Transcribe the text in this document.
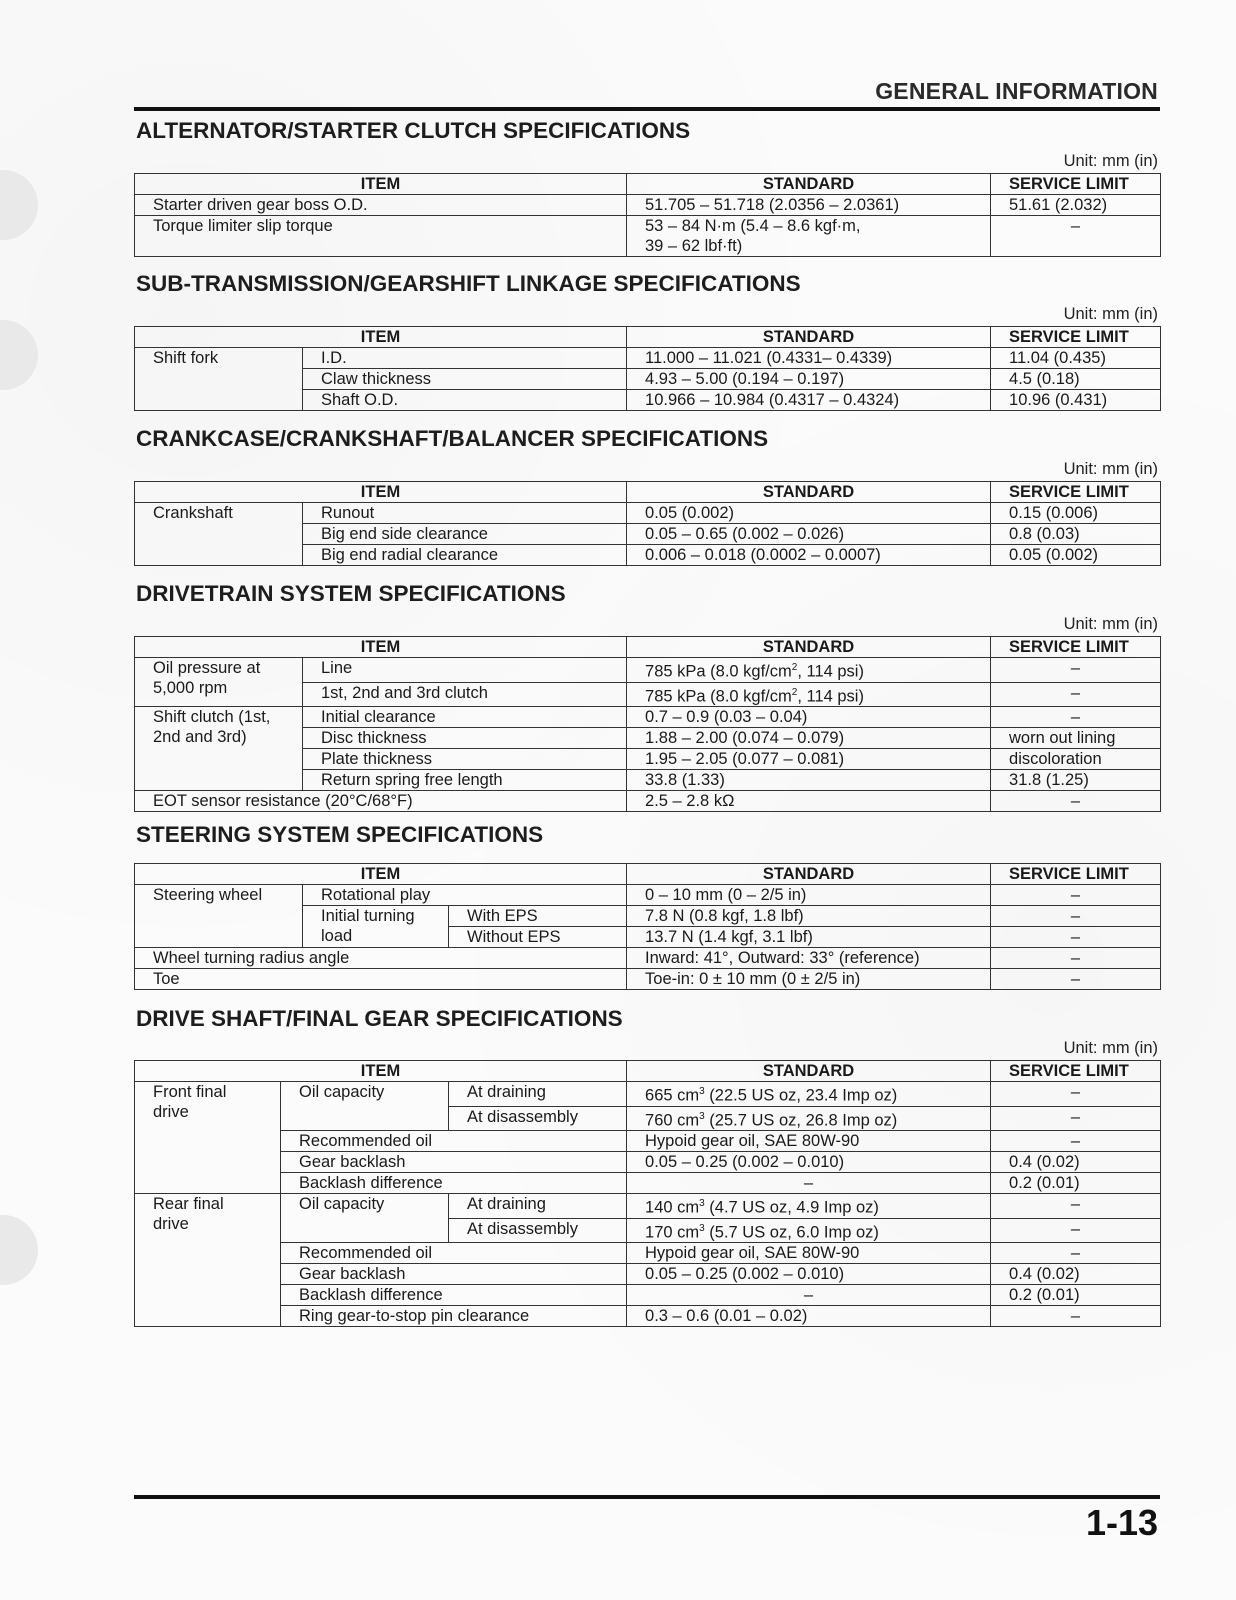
GENERAL INFORMATION
ALTERNATOR/STARTER CLUTCH SPECIFICATIONS
Unit: mm (in)
ITEM	STANDARD	SERVICE LIMIT
Starter driven gear boss O.D.	51.705 – 51.718 (2.0356 – 2.0361)	51.61 (2.032)
Torque limiter slip torque	53 – 84 N·m (5.4 – 8.6 kgf·m,
39 – 62 lbf·ft)	–
SUB-TRANSMISSION/GEARSHIFT LINKAGE SPECIFICATIONS
Unit: mm (in)
ITEM		STANDARD	SERVICE LIMIT
Shift fork	I.D.	11.000 – 11.021 (0.4331– 0.4339)	11.04 (0.435)
	Claw thickness	4.93 – 5.00 (0.194 – 0.197)	4.5 (0.18)
	Shaft O.D.	10.966 – 10.984 (0.4317 – 0.4324)	10.96 (0.431)
CRANKCASE/CRANKSHAFT/BALANCER SPECIFICATIONS
Unit: mm (in)
ITEM		STANDARD	SERVICE LIMIT
Crankshaft	Runout	0.05 (0.002)	0.15 (0.006)
	Big end side clearance	0.05 – 0.65 (0.002 – 0.026)	0.8 (0.03)
	Big end radial clearance	0.006 – 0.018 (0.0002 – 0.0007)	0.05 (0.002)
DRIVETRAIN SYSTEM SPECIFICATIONS
Unit: mm (in)
ITEM		STANDARD	SERVICE LIMIT
Oil pressure at
5,000 rpm	Line	785 kPa (8.0 kgf/$cm^2$, 114 psi)	–
	1st, 2nd and 3rd clutch	785 kPa (8.0 kgf/$cm^2$, 114 psi)	–
Shift clutch (1st,
2nd and 3rd)	Initial clearance	0.7 – 0.9 (0.03 – 0.04)	–
	Disc thickness	1.88 – 2.00 (0.074 – 0.079)	worn out lining
	Plate thickness	1.95 – 2.05 (0.077 – 0.081)	discoloration
	Return spring free length	33.8 (1.33)	31.8 (1.25)
EOT sensor resistance (20°C/68°F)		2.5 – 2.8 kΩ	–
STEERING SYSTEM SPECIFICATIONS
ITEM			STANDARD	SERVICE LIMIT
Steering wheel	Rotational play		0 – 10 mm (0 – 2/5 in)	–
	Initial turning
load	With EPS	7.8 N (0.8 kgf, 1.8 lbf)	–
		Without EPS	13.7 N (1.4 kgf, 3.1 lbf)	–
Wheel turning radius angle			Inward: 41°, Outward: 33° (reference)	–
Toe			Toe-in: 0 ± 10 mm (0 ± 2/5 in)	–
DRIVE SHAFT/FINAL GEAR SPECIFICATIONS
Unit: mm (in)
ITEM			STANDARD	SERVICE LIMIT
Front final
drive	Oil capacity	At draining	665 $cm^3$ (22.5 US oz, 23.4 Imp oz)	–
		At disassembly	760 $cm^3$ (25.7 US oz, 26.8 Imp oz)	–
	Recommended oil		Hypoid gear oil, SAE 80W-90	–
	Gear backlash		0.05 – 0.25 (0.002 – 0.010)	0.4 (0.02)
	Backlash difference		–	0.2 (0.01)
Rear final
drive	Oil capacity	At draining	140 $cm^3$ (4.7 US oz, 4.9 Imp oz)	–
		At disassembly	170 $cm^3$ (5.7 US oz, 6.0 Imp oz)	–
	Recommended oil		Hypoid gear oil, SAE 80W-90	–
	Gear backlash		0.05 – 0.25 (0.002 – 0.010)	0.4 (0.02)
	Backlash difference		–	0.2 (0.01)
	Ring gear-to-stop pin clearance		0.3 – 0.6 (0.01 – 0.02)	–
1-13
